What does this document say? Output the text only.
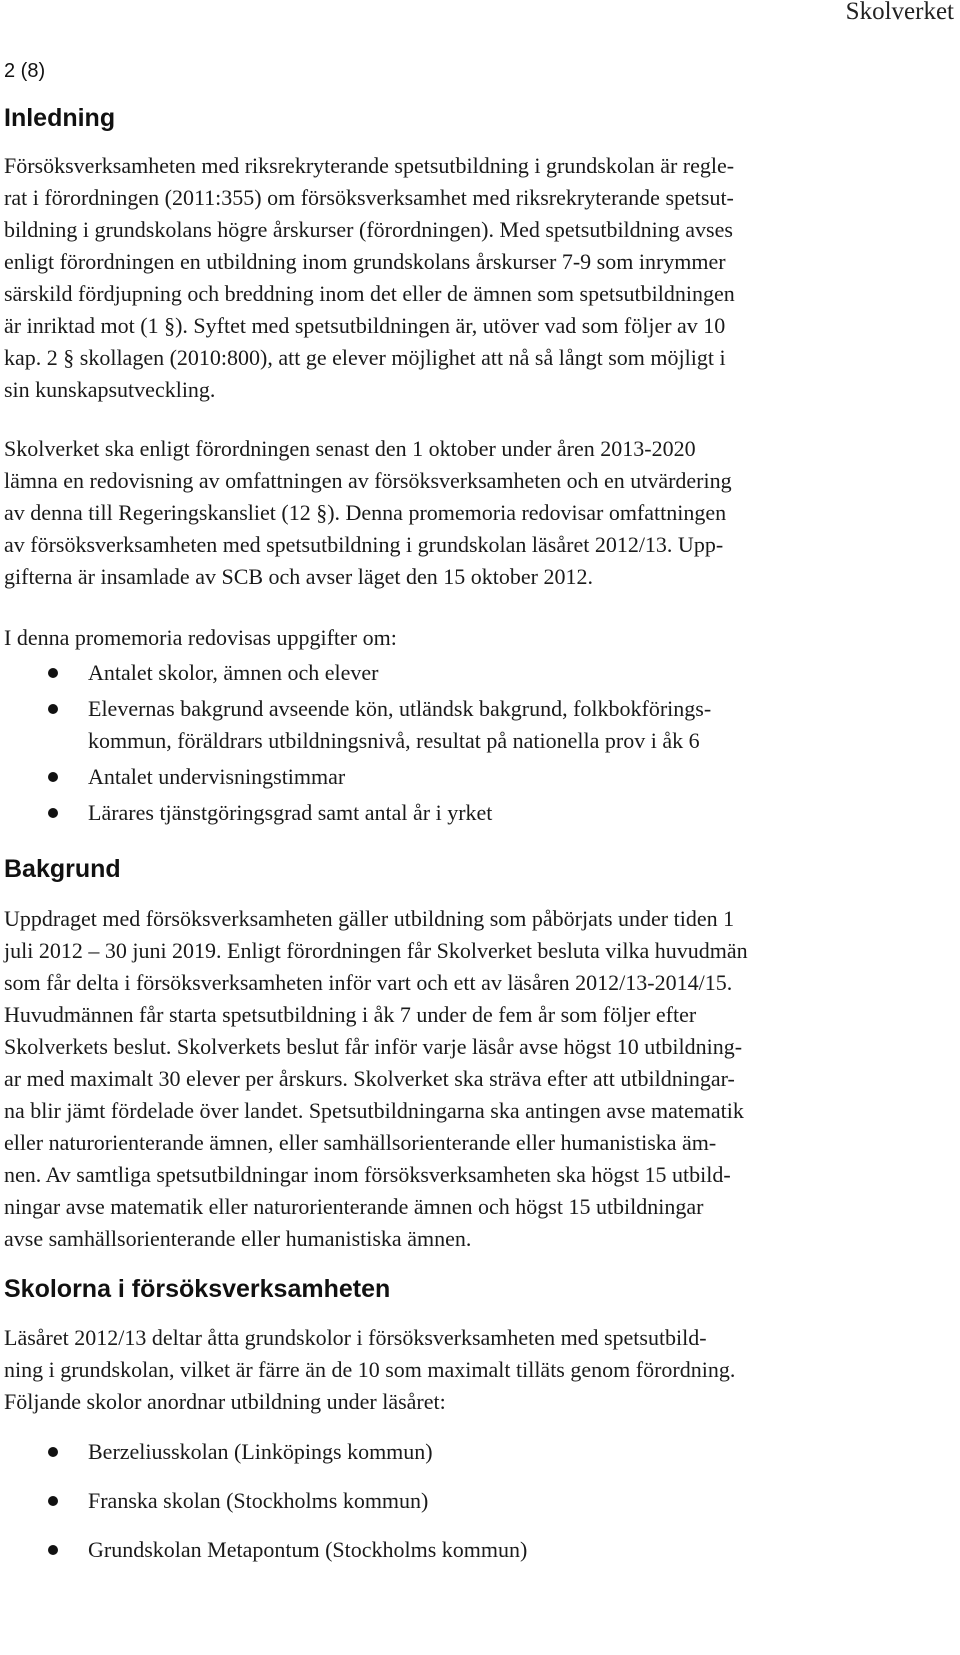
Skolverket
2 (8)
Inledning

Försöksverksamheten med riksrekryterande spetsutbildning i grundskolan är regle-
rat i förordningen (2011:355) om försöksverksamhet med riksrekryterande spetsut-
bildning i grundskolans högre årskurser (förordningen). Med spetsutbildning avses
enligt förordningen en utbildning inom grundskolans årskurser 7-9 som inrymmer
särskild fördjupning och breddning inom det eller de ämnen som spetsutbildningen
är inriktad mot (1 §). Syftet med spetsutbildningen är, utöver vad som följer av 10
kap. 2 § skollagen (2010:800), att ge elever möjlighet att nå så långt som möjligt i
sin kunskapsutveckling.

Skolverket ska enligt förordningen senast den 1 oktober under åren 2013-2020
lämna en redovisning av omfattningen av försöksverksamheten och en utvärdering
av denna till Regeringskansliet (12 §). Denna promemoria redovisar omfattningen
av försöksverksamheten med spetsutbildning i grundskolan läsåret 2012/13. Upp-
gifterna är insamlade av SCB och avser läget den 15 oktober 2012.

I denna promemoria redovisas uppgifter om:

Antalet skolor, ämnen och elever
Elevernas bakgrund avseende kön, utländsk bakgrund, folkbokförings-
kommun, föräldrars utbildningsnivå, resultat på nationella prov i åk 6
Antalet undervisningstimmar
Lärares tjänstgöringsgrad samt antal år i yrket
Bakgrund

Uppdraget med försöksverksamheten gäller utbildning som påbörjats under tiden 1
juli 2012 – 30 juni 2019. Enligt förordningen får Skolverket besluta vilka huvudmän
som får delta i försöksverksamheten inför vart och ett av läsåren 2012/13-2014/15.
Huvudmännen får starta spetsutbildning i åk 7 under de fem år som följer efter
Skolverkets beslut. Skolverkets beslut får inför varje läsår avse högst 10 utbildning-
ar med maximalt 30 elever per årskurs. Skolverket ska sträva efter att utbildningar-
na blir jämt fördelade över landet. Spetsutbildningarna ska antingen avse matematik
eller naturorienterande ämnen, eller samhällsorienterande eller humanistiska äm-
nen. Av samtliga spetsutbildningar inom försöksverksamheten ska högst 15 utbild-
ningar avse matematik eller naturorienterande ämnen och högst 15 utbildningar
avse samhällsorienterande eller humanistiska ämnen.

Skolorna i försöksverksamheten

Läsåret 2012/13 deltar åtta grundskolor i försöksverksamheten med spetsutbild-
ning i grundskolan, vilket är färre än de 10 som maximalt tilläts genom förordning.
Följande skolor anordnar utbildning under läsåret:

Berzeliusskolan (Linköpings kommun)
Franska skolan (Stockholms kommun)
Grundskolan Metapontum (Stockholms kommun)
